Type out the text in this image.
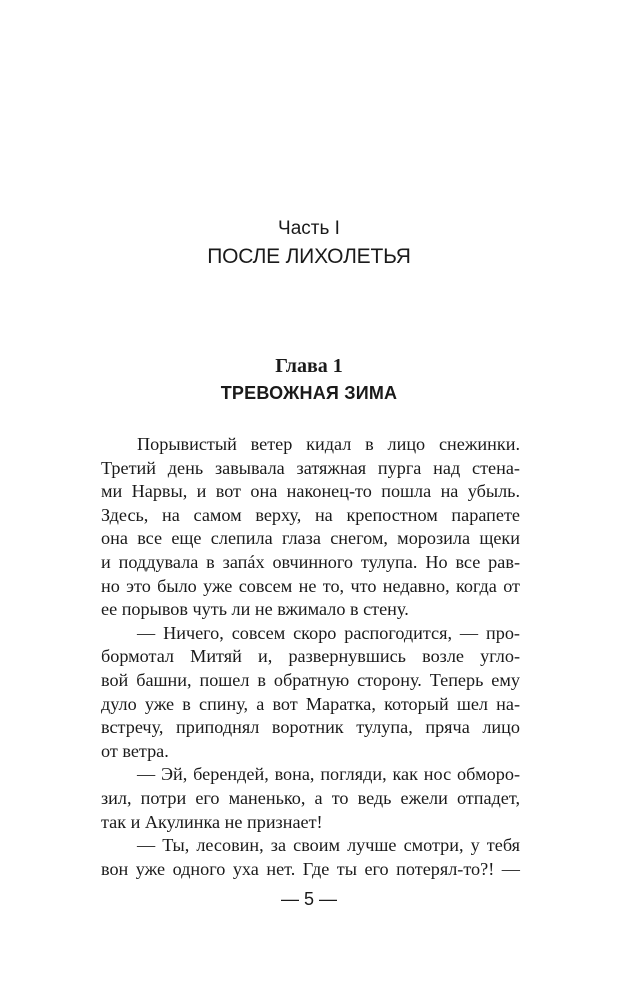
Часть I
ПОСЛЕ ЛИХОЛЕТЬЯ
Глава 1
ТРЕВОЖНАЯ ЗИМА
Порывистый ветер кидал в лицо снежинки.
Третий день завывала затяжная пурга над стена-
ми Нарвы, и вот она наконец-то пошла на убыль.
Здесь, на самом верху, на крепостном парапете
она все еще слепила глаза снегом, морозила щеки
и поддувала в запáх овчинного тулупа. Но все рав-
но это было уже совсем не то, что недавно, когда от
ее порывов чуть ли не вжимало в стену.
— Ничего, совсем скоро распогодится, — про-
бормотал Митяй и, развернувшись возле угло-
вой башни, пошел в обратную сторону. Теперь ему
дуло уже в спину, а вот Маратка, который шел на-
встречу, приподнял воротник тулупа, пряча лицо
от ветра.
— Эй, берендей, вона, погляди, как нос обморо-
зил, потри его маненько, а то ведь ежели отпадет,
так и Акулинка не признает!
— Ты, лесовин, за своим лучше смотри, у тебя
вон уже одного уха нет. Где ты его потерял-то?! —
— 5 —
